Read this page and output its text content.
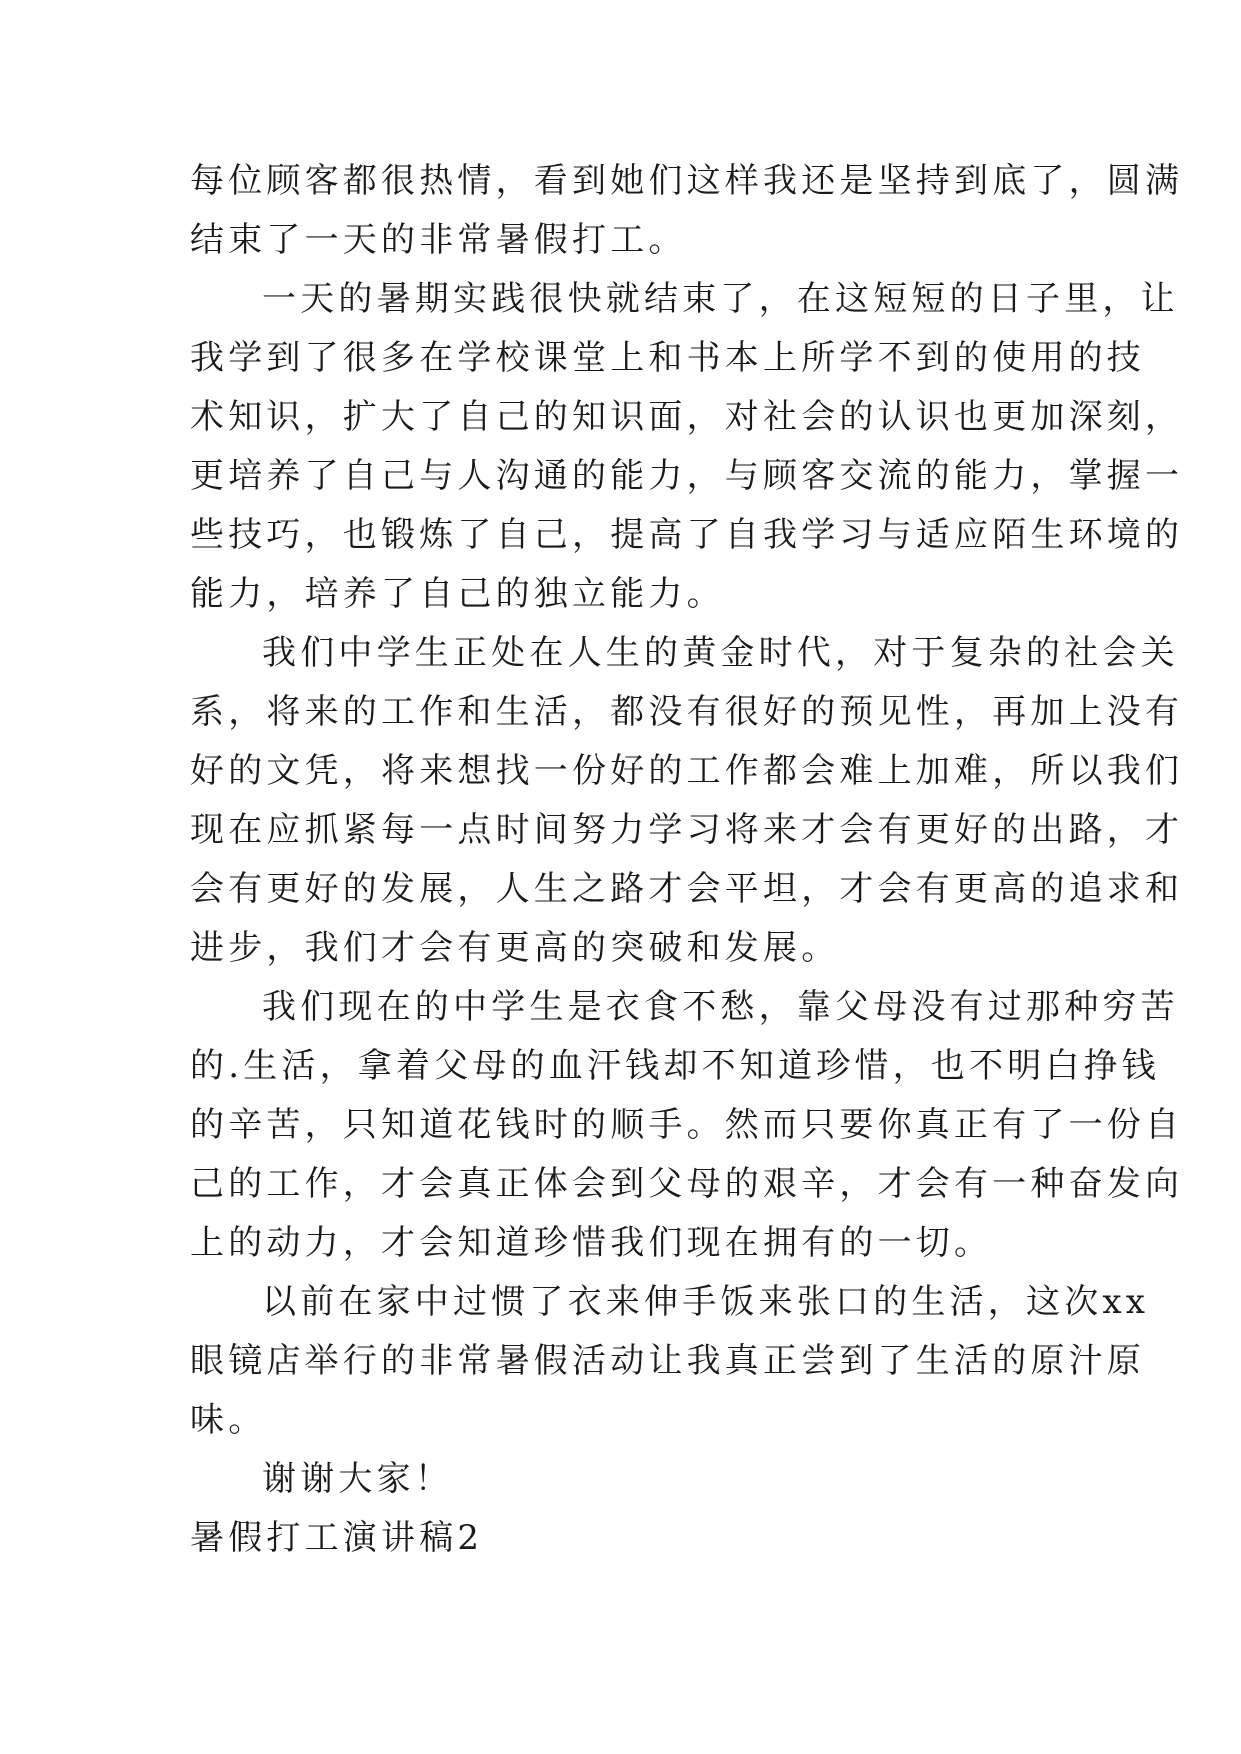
每位顾客都很热情，看到她们这样我还是坚持到底了，圆满
结束了一天的非常暑假打工。

一天的暑期实践很快就结束了，在这短短的日子里，让
我学到了很多在学校课堂上和书本上所学不到的使用的技
术知识，扩大了自己的知识面，对社会的认识也更加深刻，
更培养了自己与人沟通的能力，与顾客交流的能力，掌握一
些技巧，也锻炼了自己，提高了自我学习与适应陌生环境的
能力，培养了自己的独立能力。

我们中学生正处在人生的黄金时代，对于复杂的社会关
系，将来的工作和生活，都没有很好的预见性，再加上没有
好的文凭，将来想找一份好的工作都会难上加难，所以我们
现在应抓紧每一点时间努力学习将来才会有更好的出路，才
会有更好的发展，人生之路才会平坦，才会有更高的追求和
进步，我们才会有更高的突破和发展。

我们现在的中学生是衣食不愁，靠父母没有过那种穷苦
的.生活，拿着父母的血汗钱却不知道珍惜，也不明白挣钱
的辛苦，只知道花钱时的顺手。然而只要你真正有了一份自
己的工作，才会真正体会到父母的艰辛，才会有一种奋发向
上的动力，才会知道珍惜我们现在拥有的一切。

以前在家中过惯了衣来伸手饭来张口的生活，这次xx
眼镜店举行的非常暑假活动让我真正尝到了生活的原汁原
味。

谢谢大家！

暑假打工演讲稿2
